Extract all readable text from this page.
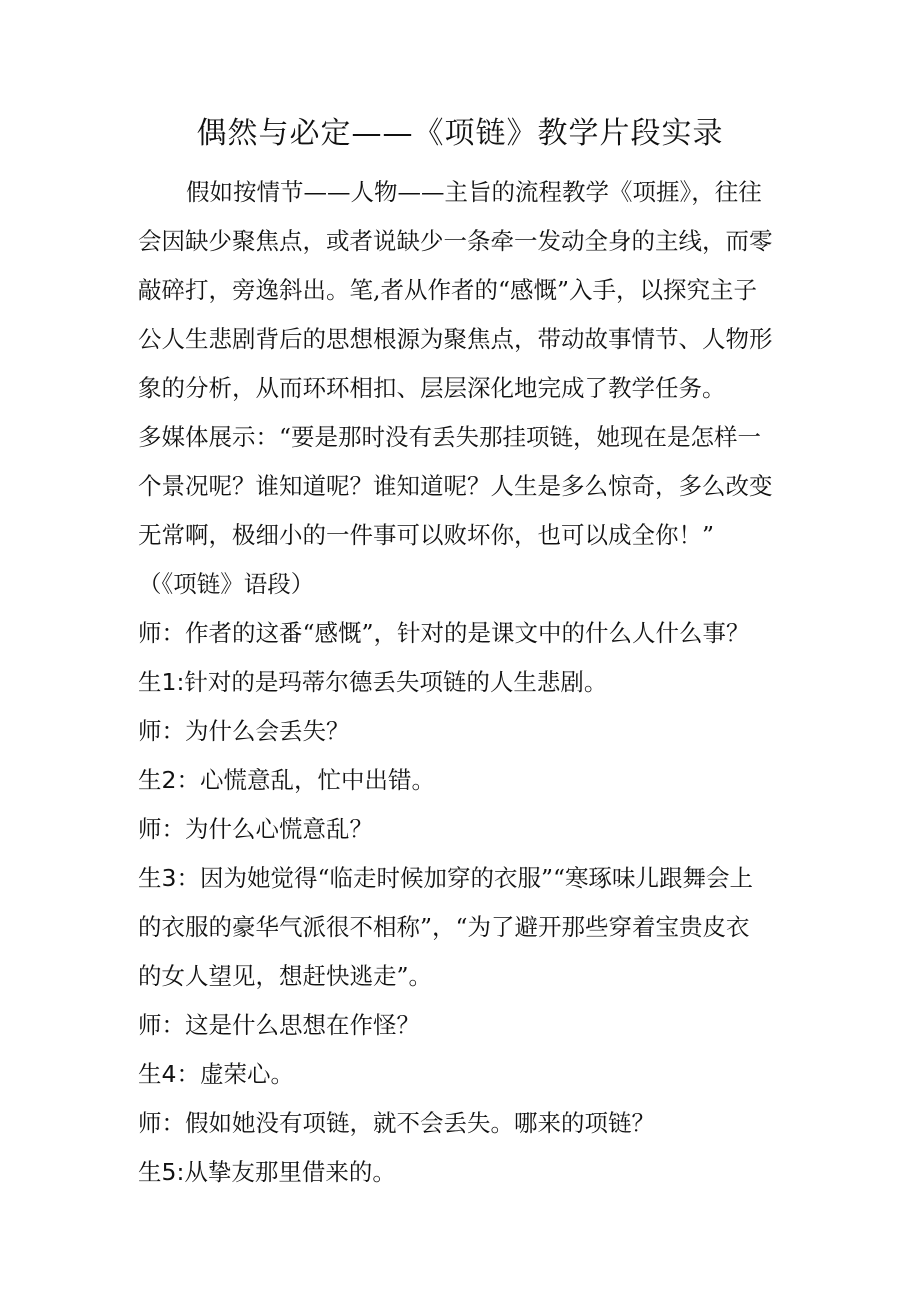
偶然与必定——《项链》教学片段实录
假如按情节——人物——主旨的流程教学《项捱》，往往
会因缺少聚焦点，或者说缺少一条牵一发动全身的主线，而零
敲碎打，旁逸斜出。笔,者从作者的“感慨”入手，以探究主子
公人生悲剧背后的思想根源为聚焦点，带动故事情节、人物形
象的分析，从而环环相扣、层层深化地完成了教学任务。
多媒体展示：“要是那时没有丢失那挂项链，她现在是怎样一
个景况呢？谁知道呢？谁知道呢？人生是多么惊奇，多么改变
无常啊，极细小的一件事可以败坏你，也可以成全你！”
（《项链》语段）
师：作者的这番“感慨”，针对的是课文中的什么人什么事？
生1:针对的是玛蒂尔德丢失项链的人生悲剧。
师：为什么会丢失？
生2：心慌意乱，忙中出错。
师：为什么心慌意乱？
生3：因为她觉得“临走时候加穿的衣服”“寒琢味儿跟舞会上
的衣服的豪华气派很不相称”，“为了避开那些穿着宝贵皮衣
的女人望见，想赶快逃走”。
师：这是什么思想在作怪？
生4：虚荣心。
师：假如她没有项链，就不会丢失。哪来的项链？
生5:从挚友那里借来的。
